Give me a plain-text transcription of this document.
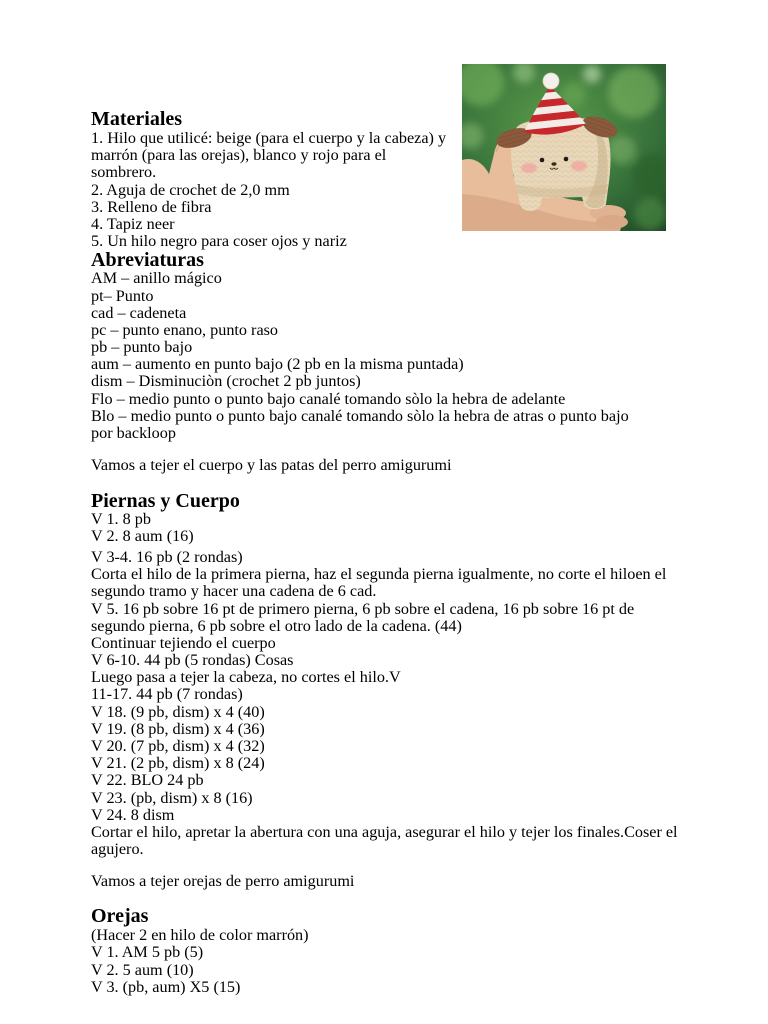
Materiales
1. Hilo que utilicé: beige (para el cuerpo y la cabeza) y
marrón (para las orejas), blanco y rojo para el
sombrero.
2. Aguja de crochet de 2,0 mm
3. Relleno de fibra
4. Tapiz neer
5. Un hilo negro para coser ojos y nariz
Abreviaturas
AM – anillo mágico
pt– Punto
cad – cadeneta
pc – punto enano, punto raso
pb – punto bajo
aum – aumento en punto bajo (2 pb en la misma puntada)
dism – Disminuciòn (crochet 2 pb juntos)
Flo – medio punto o punto bajo canalé tomando sòlo la hebra de adelante
Blo – medio punto o punto bajo canalé tomando sòlo la hebra de atras o punto bajo
por backloop
Vamos a tejer el cuerpo y las patas del perro amigurumi
Piernas y Cuerpo
V 1. 8 pb
V 2. 8 aum (16)
V 3-4. 16 pb (2 rondas)
Corta el hilo de la primera pierna, haz el segunda pierna igualmente, no corte el hiloen el
segundo tramo y hacer una cadena de 6 cad.
V 5. 16 pb sobre 16 pt de primero pierna, 6 pb sobre el cadena, 16 pb sobre 16 pt de
segundo pierna, 6 pb sobre el otro lado de la cadena. (44)
Continuar tejiendo el cuerpo
V 6-10. 44 pb (5 rondas) Cosas
Luego pasa a tejer la cabeza, no cortes el hilo.V
11-17. 44 pb (7 rondas)
V 18. (9 pb, dism) x 4 (40)
V 19. (8 pb, dism) x 4 (36)
V 20. (7 pb, dism) x 4 (32)
V 21. (2 pb, dism) x 8 (24)
V 22. BLO 24 pb
V 23. (pb, dism) x 8 (16)
V 24. 8 dism
Cortar el hilo, apretar la abertura con una aguja, asegurar el hilo y tejer los finales.Coser el
agujero.
Vamos a tejer orejas de perro amigurumi
Orejas
(Hacer 2 en hilo de color marrón)
V 1. AM 5 pb (5)
V 2. 5 aum (10)
V 3. (pb, aum) X5 (15)
